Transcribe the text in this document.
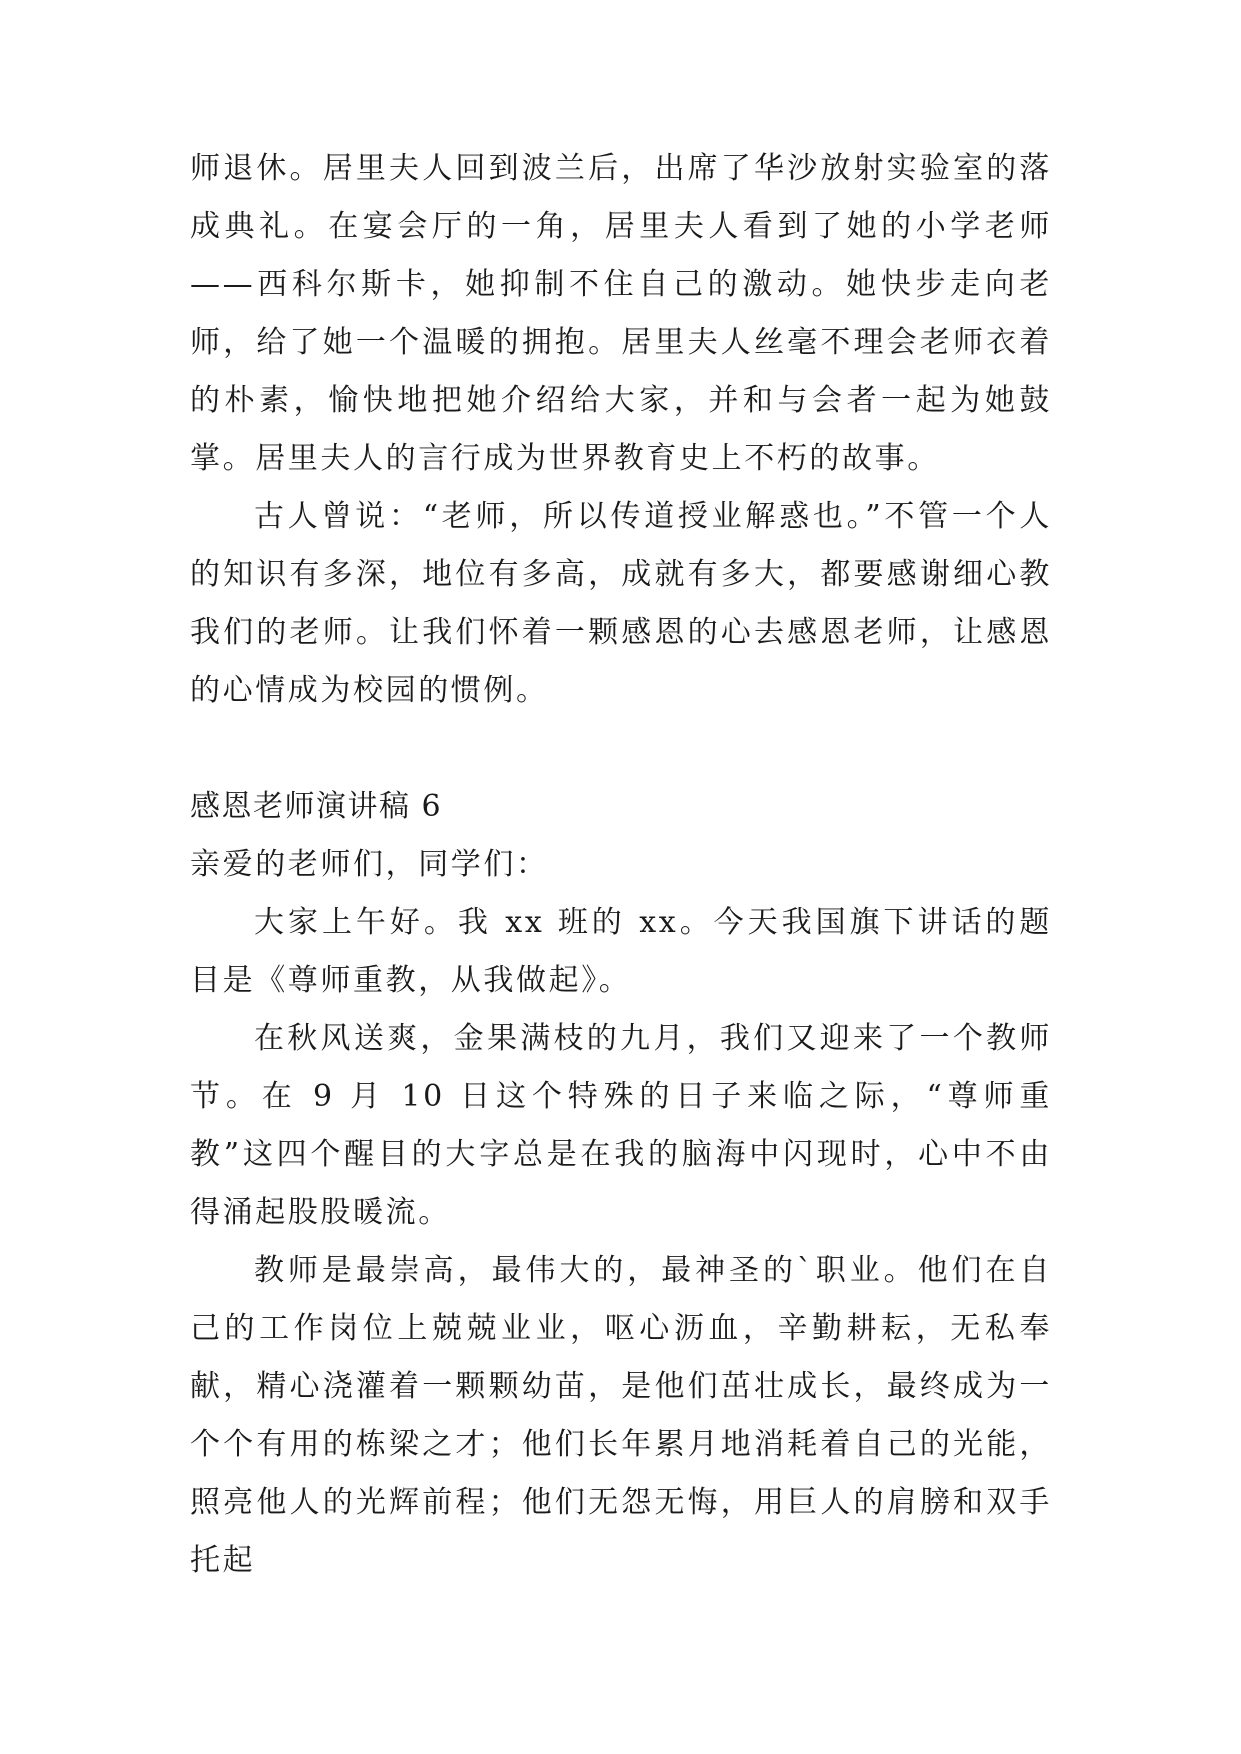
师退休。居里夫人回到波兰后，出席了华沙放射实验室的落成典礼。在宴会厅的一角，居里夫人看到了她的小学老师——西科尔斯卡，她抑制不住自己的激动。她快步走向老师，给了她一个温暖的拥抱。居里夫人丝毫不理会老师衣着的朴素，愉快地把她介绍给大家，并和与会者一起为她鼓掌。居里夫人的言行成为世界教育史上不朽的故事。

古人曾说：“老师，所以传道授业解惑也。”不管一个人的知识有多深，地位有多高，成就有多大，都要感谢细心教我们的老师。让我们怀着一颗感恩的心去感恩老师，让感恩的心情成为校园的惯例。

感恩老师演讲稿 6

亲爱的老师们，同学们：

大家上午好。我 xx 班的 xx。今天我国旗下讲话的题目是《尊师重教，从我做起》。

在秋风送爽，金果满枝的九月，我们又迎来了一个教师节。在 9 月 10 日这个特殊的日子来临之际，“尊师重教”这四个醒目的大字总是在我的脑海中闪现时，心中不由得涌起股股暖流。

教师是最崇高，最伟大的，最神圣的`职业。他们在自己的工作岗位上兢兢业业，呕心沥血，辛勤耕耘，无私奉献，精心浇灌着一颗颗幼苗，是他们茁壮成长，最终成为一个个有用的栋梁之才；他们长年累月地消耗着自己的光能，照亮他人的光辉前程；他们无怨无悔，用巨人的肩膀和双手托起
